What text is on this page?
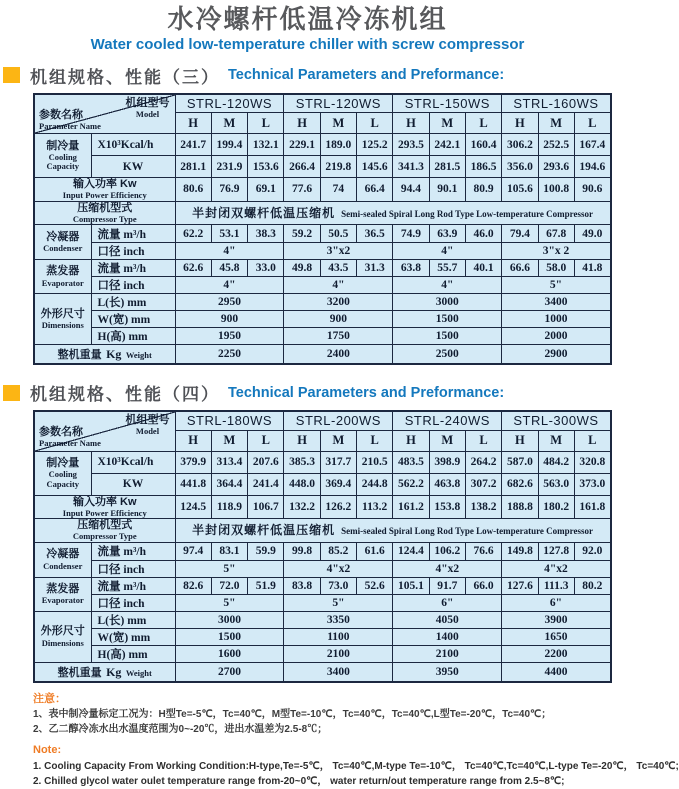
水冷螺杆低温冷冻机组
Water cooled low-temperature chiller with screw compressor
机组规格、性能（三） Technical Parameters and Preformance:
机组型号
Model
参数名称
Parameter Name		STRL-120WS			STRL-120WS			STRL-150WS			STRL-160WS		
		H	M	L	H	M	L	H	M	L	H	M	L

制冷量
Cooling Capacity	X10³Kcal/h	241.7	199.4	132.1	229.1	189.0	125.2	293.5	242.1	160.4	306.2	252.5	167.4
	KW	281.1	231.9	153.6	266.4	219.8	145.6	341.3	281.5	186.5	356.0	293.6	194.6

输入功率 Kw
Input Power Efficiency		80.6	76.9	69.1	77.6	74	66.4	94.4	90.1	80.9	105.6	100.8	90.6

压缩机型式
Compressor Type		半封闭双螺杆低温压缩机 Semi-sealed Spiral Long Rod Type Low-temperature Compressor											

冷凝器
Condenser	流量 m³/h	62.2	53.1	38.3	59.2	50.5	36.5	74.9	63.9	46.0	79.4	67.8	49.0
	口径 inch	4"			3"x2			4"			3"x 2		

蒸发器
Evaporator	流量 m³/h	62.6	45.8	33.0	49.8	43.5	31.3	63.8	55.7	40.1	66.6	58.0	41.8
	口径 inch	4"			4"			4"			5"		

外形尺寸
Dimensions	L(长) mm	2950			3200			3000			3400		
	W(宽) mm	900			900			1500			1000		
	H(高) mm	1950			1750			1500			2000		
整机重量 Kg Weight		2250			2400			2500			2900		
机组规格、性能（四） Technical Parameters and Preformance:
机组型号
Model
参数名称
Parameter Name		STRL-180WS			STRL-200WS			STRL-240WS			STRL-300WS		
		H	M	L	H	M	L	H	M	L	H	M	L

制冷量
Cooling Capacity	X10³Kcal/h	379.9	313.4	207.6	385.3	317.7	210.5	483.5	398.9	264.2	587.0	484.2	320.8
	KW	441.8	364.4	241.4	448.0	369.4	244.8	562.2	463.8	307.2	682.6	563.0	373.0

输入功率 Kw
Input Power Efficiency		124.5	118.9	106.7	132.2	126.2	113.2	161.2	153.8	138.2	188.8	180.2	161.8

压缩机型式
Compressor Type		半封闭双螺杆低温压缩机 Semi-sealed Spiral Long Rod Type Low-temperature Compressor											

冷凝器
Condenser	流量 m³/h	97.4	83.1	59.9	99.8	85.2	61.6	124.4	106.2	76.6	149.8	127.8	92.0
	口径 inch	5"			4"x2			4"x2			4"x2		

蒸发器
Evaporator	流量 m³/h	82.6	72.0	51.9	83.8	73.0	52.6	105.1	91.7	66.0	127.6	111.3	80.2
	口径 inch	5"			5"			6"			6"		

外形尺寸
Dimensions	L(长) mm	3000			3350			4050			3900		
	W(宽) mm	1500			1100			1400			1650		
	H(高) mm	1600			2100			2100			2200		
整机重量 Kg Weight		2700			3400			3950			4400		
注意：
1、表中制冷量标定工况为：H型Te=-5℃，Tc=40℃，M型Te=-10℃，Tc=40℃，Tc=40℃,L型Te=-20℃，Tc=40℃；
2、乙二醇冷冻水出水温度范围为0~-20℃，进出水温差为2.5-8℃；
Note:
1. Cooling Capacity From Working Condition:H-type,Te=-5℃， Tc=40℃,M-type Te=-10℃， Tc=40℃,Tc=40℃,L-type Te=-20℃， Tc=40℃;
2. Chilled glycol water oulet temperature range from-20~0℃， water return/out temperature range from 2.5~8℃;
